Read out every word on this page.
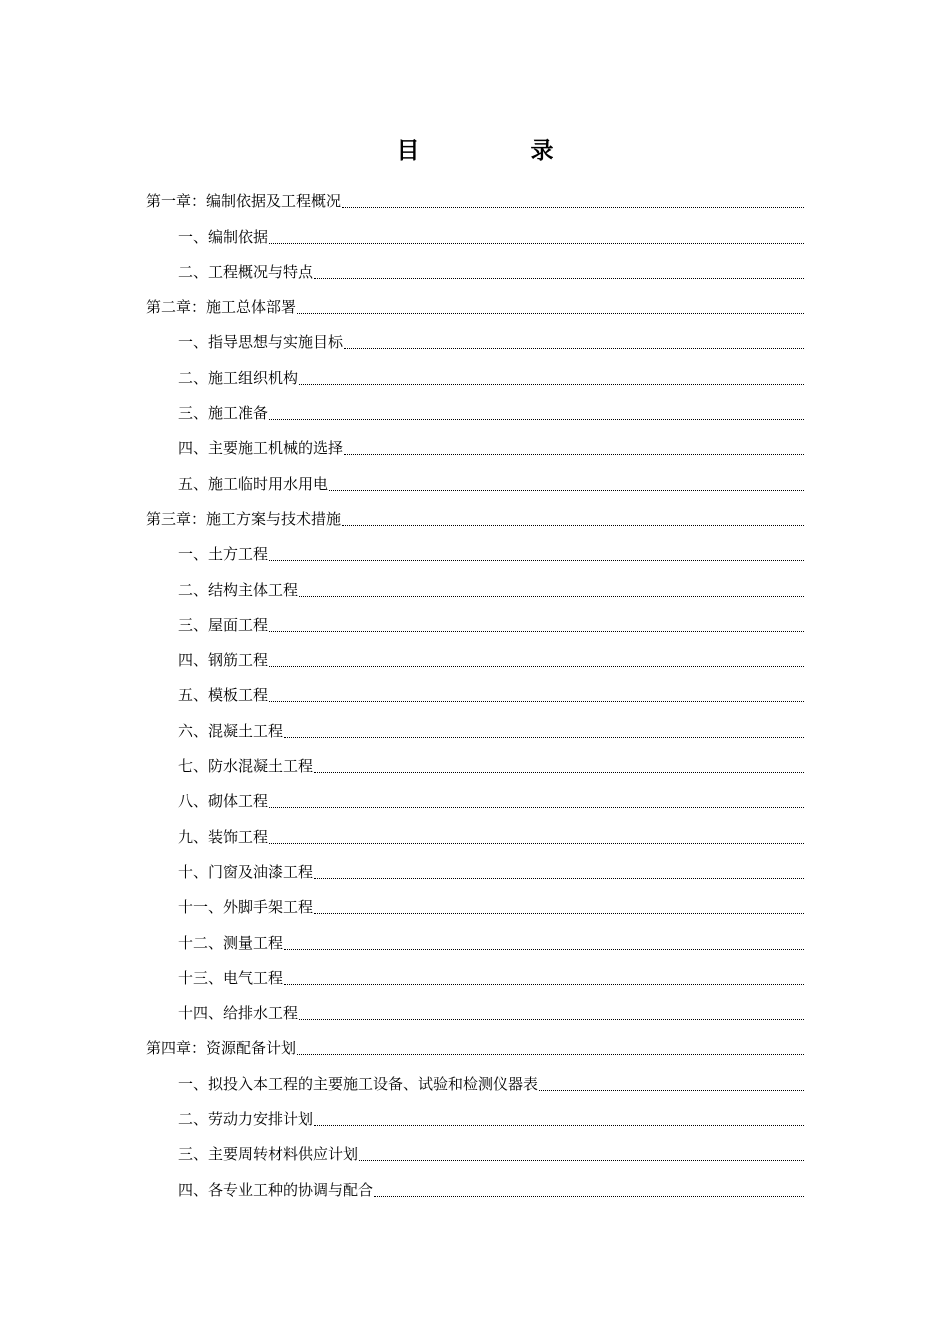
目　录
第一章：编制依据及工程概况
一、编制依据
二、工程概况与特点
第二章：施工总体部署
一、指导思想与实施目标
二、施工组织机构
三、施工准备
四、主要施工机械的选择
五、施工临时用水用电
第三章：施工方案与技术措施
一、土方工程
二、结构主体工程
三、屋面工程
四、钢筋工程
五、模板工程
六、混凝土工程
七、防水混凝土工程
八、砌体工程
九、装饰工程
十、门窗及油漆工程
十一、外脚手架工程
十二、测量工程
十三、电气工程
十四、给排水工程
第四章：资源配备计划
一、拟投入本工程的主要施工设备、试验和检测仪器表
二、劳动力安排计划
三、主要周转材料供应计划
四、各专业工种的协调与配合
